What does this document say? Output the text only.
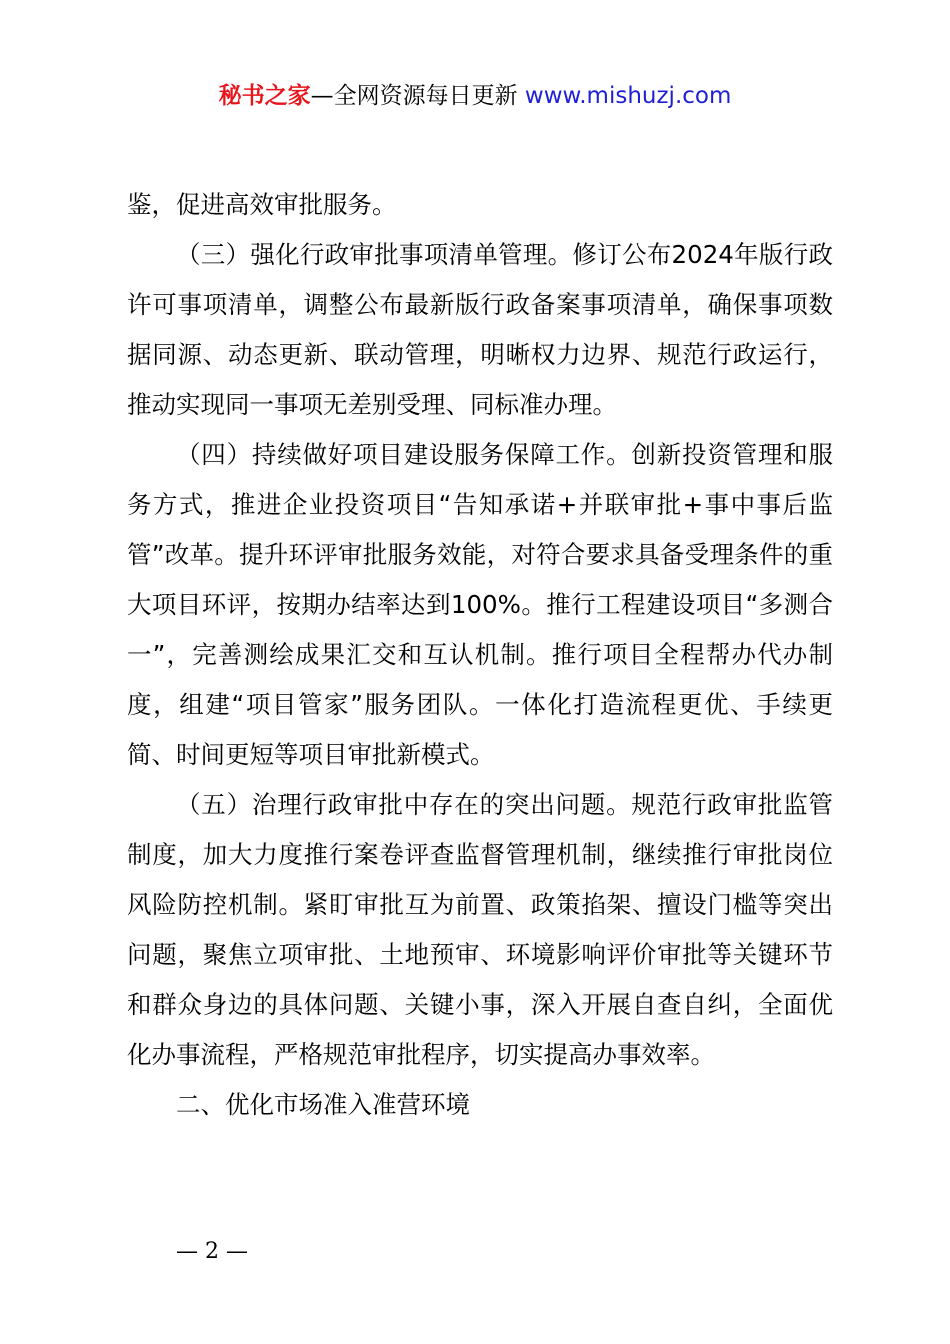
秘书之家—全网资源每日更新 www.mishuzj.com

鉴，促进高效审批服务。

（三）强化行政审批事项清单管理。修订公布2024年版行政许可事项清单，调整公布最新版行政备案事项清单，确保事项数据同源、动态更新、联动管理，明晰权力边界、规范行政运行，推动实现同一事项无差别受理、同标准办理。

（四）持续做好项目建设服务保障工作。创新投资管理和服务方式，推进企业投资项目“告知承诺+并联审批+事中事后监管”改革。提升环评审批服务效能，对符合要求具备受理条件的重大项目环评，按期办结率达到100%。推行工程建设项目“多测合一”，完善测绘成果汇交和互认机制。推行项目全程帮办代办制度，组建“项目管家”服务团队。一体化打造流程更优、手续更简、时间更短等项目审批新模式。

（五）治理行政审批中存在的突出问题。规范行政审批监管制度，加大力度推行案卷评查监督管理机制，继续推行审批岗位风险防控机制。紧盯审批互为前置、政策掐架、擅设门槛等突出问题，聚焦立项审批、土地预审、环境影响评价审批等关键环节和群众身边的具体问题、关键小事，深入开展自查自纠，全面优化办事流程，严格规范审批程序，切实提高办事效率。

二、优化市场准入准营环境

— 2 —
